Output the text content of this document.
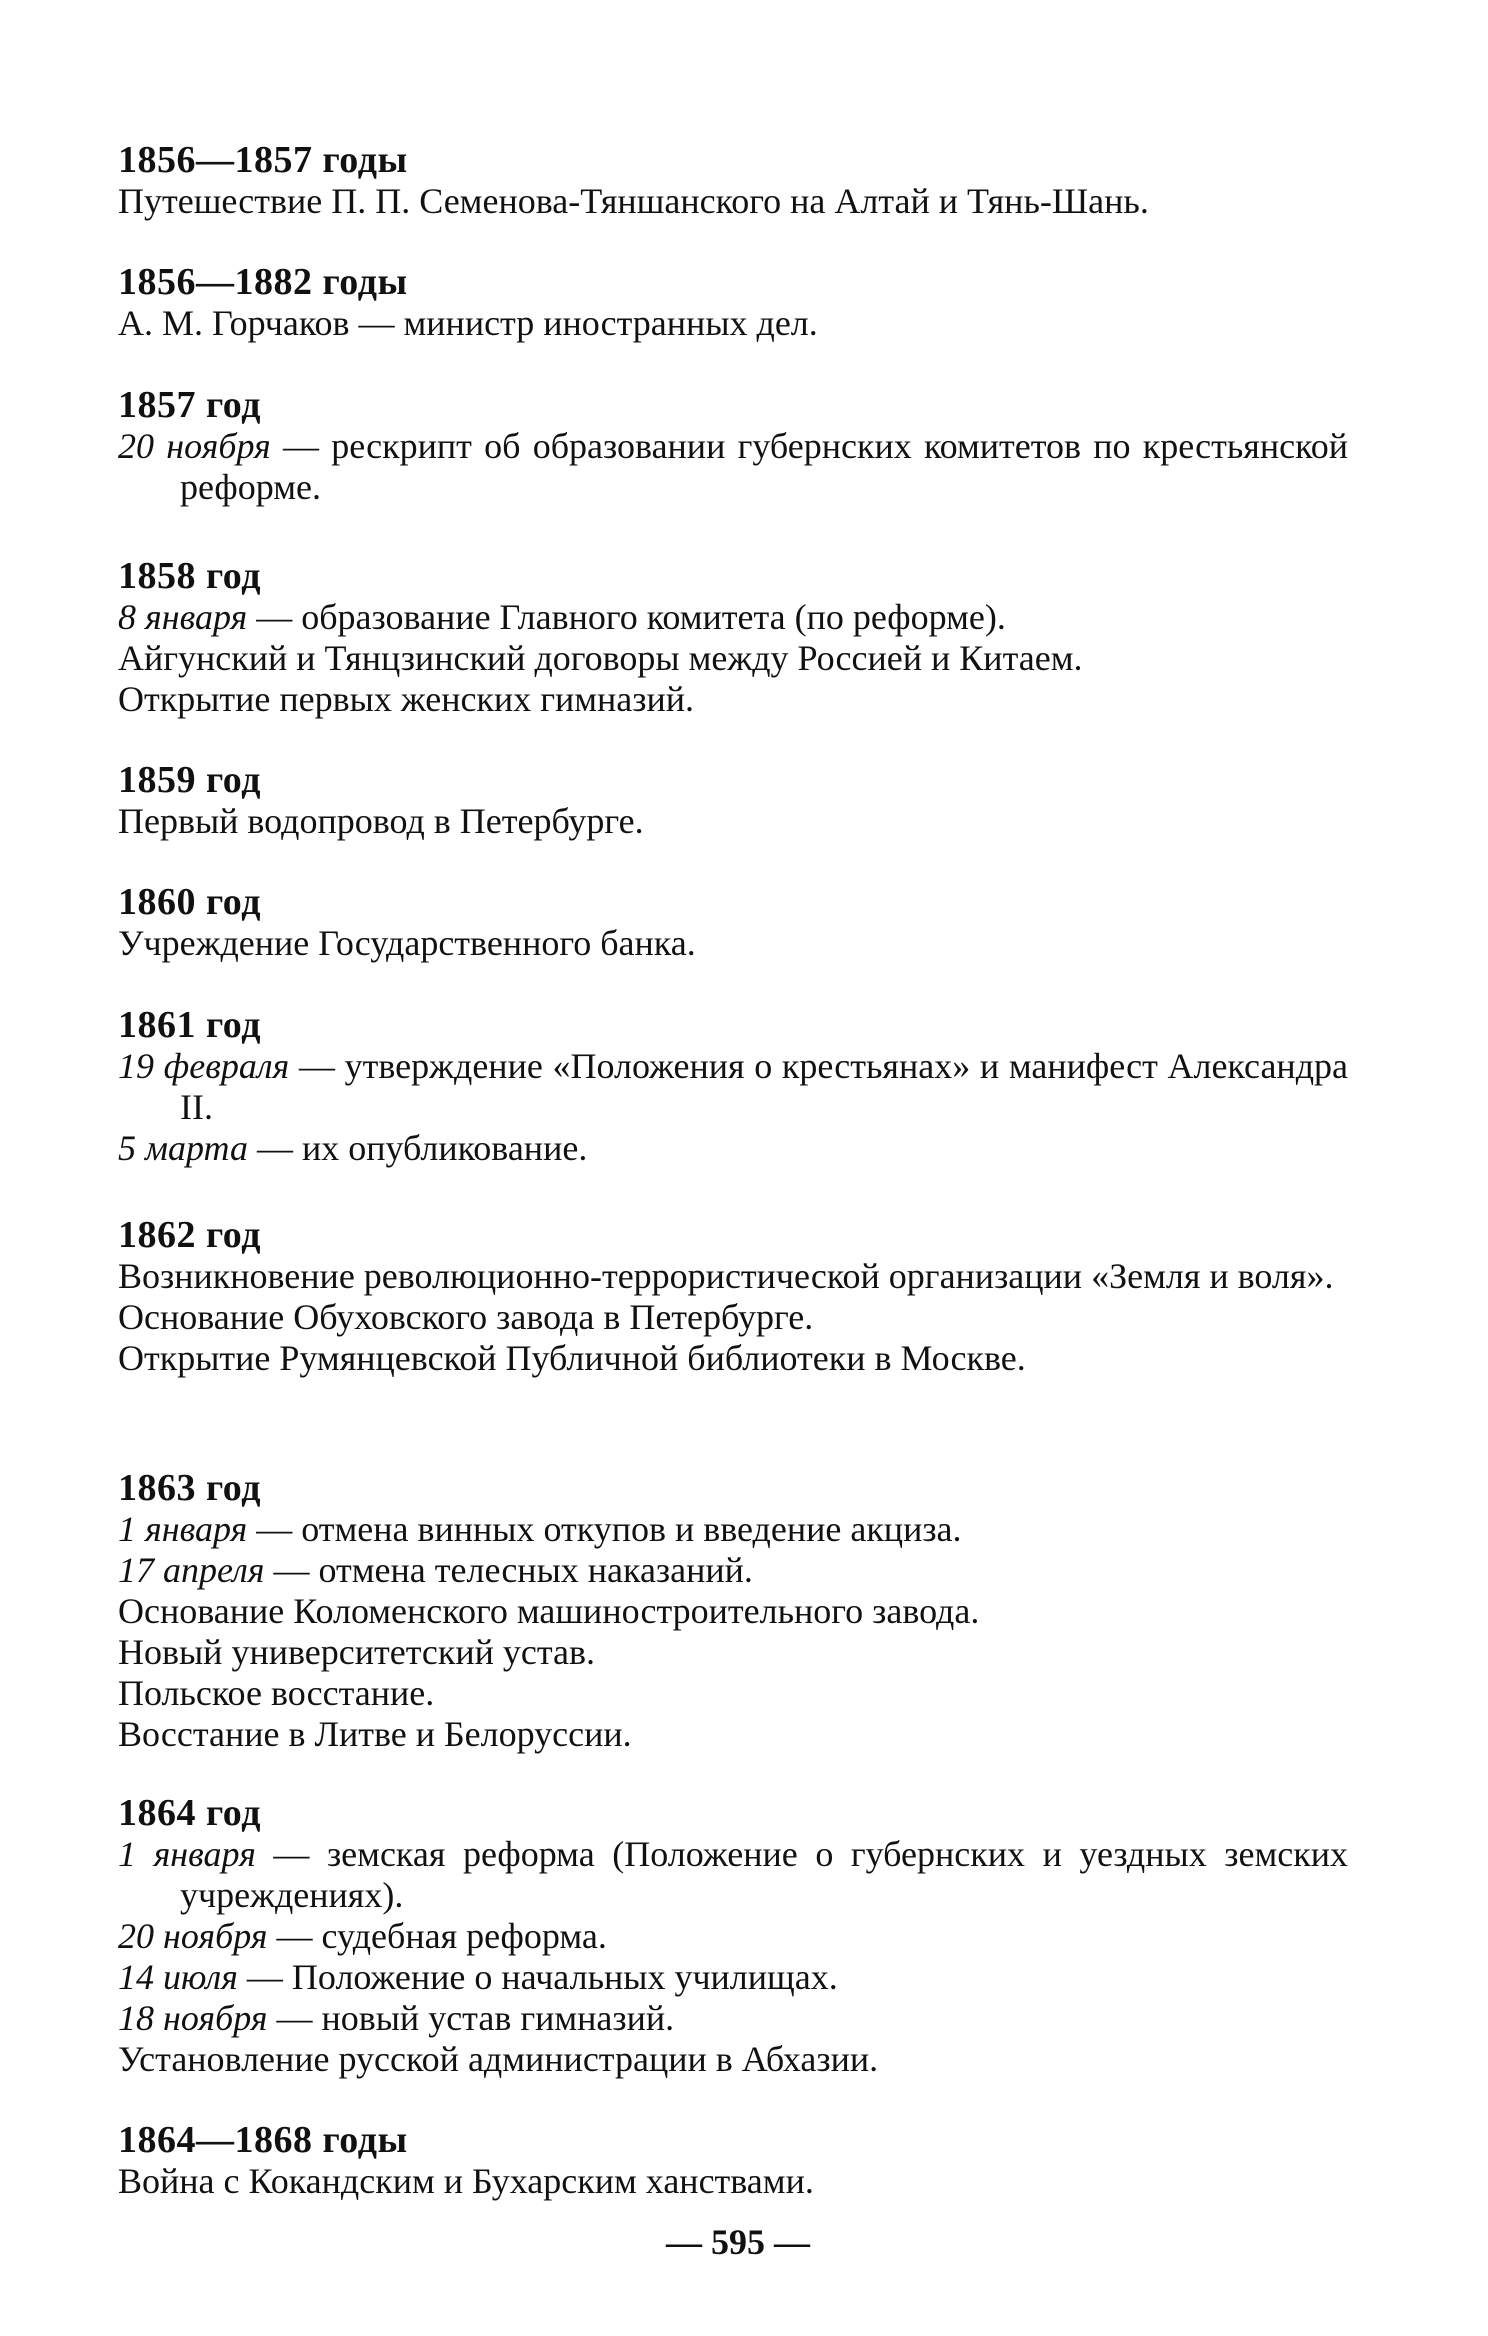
1856—1857 годы

Путешествие П. П. Семенова-Тяншанского на Алтай и Тянь-Шань.

1856—1882 годы

А. М. Горчаков — министр иностранных дел.

1857 год

20 ноября — рескрипт об образовании губернских комитетов по крестьянской реформе.

1858 год

8 января — образование Главного комитета (по реформе).

Айгунский и Тянцзинский договоры между Россией и Китаем.

Открытие первых женских гимназий.

1859 год

Первый водопровод в Петербурге.

1860 год

Учреждение Государственного банка.

1861 год

19 февраля — утверждение «Положения о крестьянах» и манифест Александра II.

5 марта — их опубликование.

1862 год

Возникновение революционно-террористической организации «Земля и воля».

Основание Обуховского завода в Петербурге.

Открытие Румянцевской Публичной библиотеки в Москве.

1863 год

1 января — отмена винных откупов и введение акциза.

17 апреля — отмена телесных наказаний.

Основание Коломенского машиностроительного завода.

Новый университетский устав.

Польское восстание.

Восстание в Литве и Белоруссии.

1864 год

1 января — земская реформа (Положение о губернских и уездных земских учреждениях).

20 ноября — судебная реформа.

14 июля — Положение о начальных училищах.

18 ноября — новый устав гимназий.

Установление русской администрации в Абхазии.

1864—1868 годы

Война с Кокандским и Бухарским ханствами.

— 595 —
